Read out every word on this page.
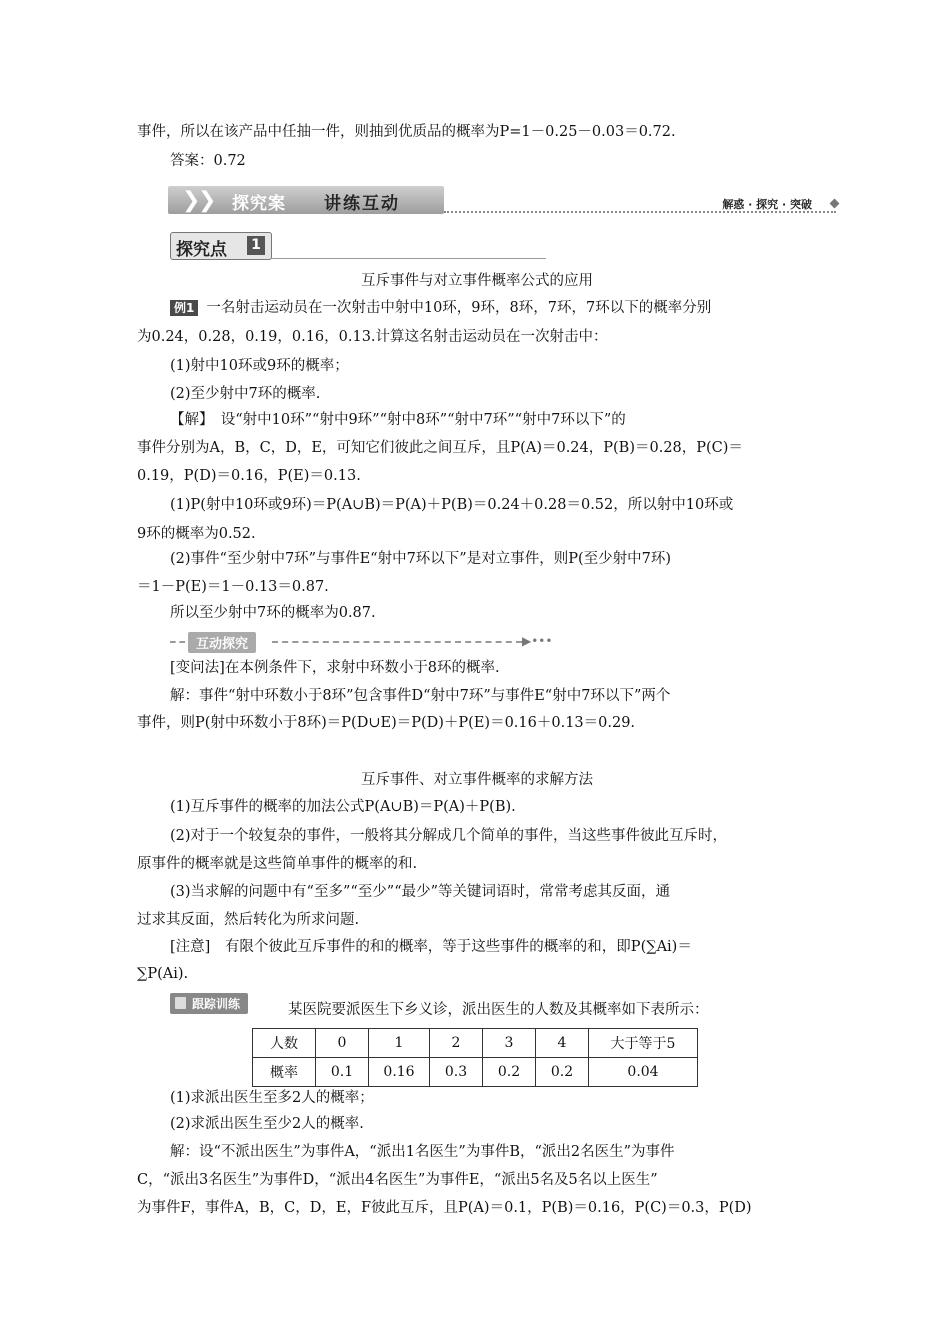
事件，所以在该产品中任抽一件，则抽到优质品的概率为P=1－0.25－0.03＝0.72.
答案：0.72
❯
❯ 探究案 讲练互动	解惑 · 探究 · 突破
探究点 1
互斥事件与对立事件概率公式的应用
例1 一名射击运动员在一次射击中射中10环，9环，8环，7环，7环以下的概率分别
为0.24，0.28，0.19，0.16，0.13.计算这名射击运动员在一次射击中：
(1)射中10环或9环的概率；
(2)至少射中7环的概率.
【解】　设“射中10环”“射中9环”“射中8环”“射中7环”“射中7环以下”的
事件分别为A，B，C，D，E，可知它们彼此之间互斥，且P(A)＝0.24，P(B)＝0.28，P(C)＝
0.19，P(D)＝0.16，P(E)＝0.13.
(1)P(射中10环或9环)＝P(A∪B)＝P(A)＋P(B)＝0.24＋0.28＝0.52，所以射中10环或
9环的概率为0.52.
(2)事件“至少射中7环”与事件E“射中7环以下”是对立事件，则P(至少射中7环)
＝1－P(E)＝1－0.13＝0.87.
所以至少射中7环的概率为0.87.
互动探究	▶•••
[变问法]在本例条件下，求射中环数小于8环的概率.
解：事件“射中环数小于8环”包含事件D“射中7环”与事件E“射中7环以下”两个
事件，则P(射中环数小于8环)＝P(D∪E)＝P(D)＋P(E)＝0.16＋0.13＝0.29.
互斥事件、对立事件概率的求解方法
(1)互斥事件的概率的加法公式P(A∪B)＝P(A)＋P(B).
(2)对于一个较复杂的事件，一般将其分解成几个简单的事件，当这些事件彼此互斥时，
原事件的概率就是这些简单事件的概率的和.
(3)当求解的问题中有“至多”“至少”“最少”等关键词语时，常常考虑其反面，通
过求其反面，然后转化为所求问题.
[注意]　有限个彼此互斥事件的和的概率，等于这些事件的概率的和，即P(∑Ai)＝
∑P(Ai).
跟踪训练	某医院要派医生下乡义诊，派出医生的人数及其概率如下表所示：
人数	0	1	2	3	4	大于等于5
概率	0.1	0.16	0.3	0.2	0.2	0.04
(1)求派出医生至多2人的概率；
(2)求派出医生至少2人的概率.
解：设“不派出医生”为事件A，“派出1名医生”为事件B，“派出2名医生”为事件
C，“派出3名医生”为事件D，“派出4名医生”为事件E，“派出5名及5名以上医生”
为事件F，事件A，B，C，D，E，F彼此互斥，且P(A)＝0.1，P(B)＝0.16，P(C)＝0.3，P(D)
